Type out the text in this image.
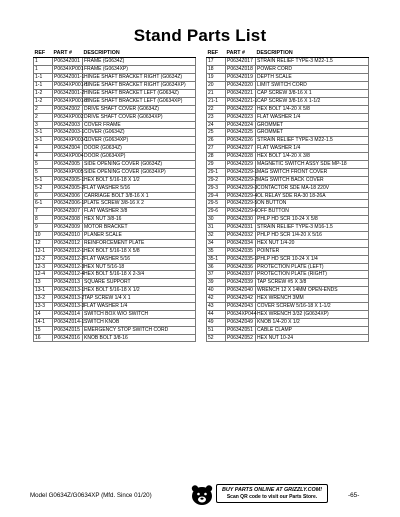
Stand Parts List
REF	PART #	DESCRIPTION
1	P0634Z001	FRAME (G0634Z)
1	P0634XP001	FRAME (G0634XP)
1-1	P0634Z001-1	HINGE SHAFT BRACKET RIGHT (G0634Z)
1-1	P0634XP001-1	HINGE SHAFT BRACKET RIGHT (G0634XP)
1-2	P0634Z001-2	HINGE SHAFT BRACKET LEFT (G0634Z)
1-2	P0634XP001-2	HINGE SHAFT BRACKET LEFT (G0634XP)
2	P0634Z002	DRIVE SHAFT COVER (G0634Z)
2	P0634XP002	DRIVE SHAFT COVER (G0634XP)
3	P0634Z003	COVER FRAME
3-1	P0634Z003-1	COVER (G0634Z)
3-1	P0634XP003-1	COVER (G0634XP)
4	P0634Z004	DOOR (G0634Z)
4	P0634XP004	DOOR (G0634XP)
5	P0634Z005	SIDE OPENING COVER (G0634Z)
5	P0634XP005	SIDE OPENING COVER (G0634XP)
5-1	P0634Z005-1	HEX BOLT 5/16-18 X 1/2
5-2	P0634Z005-2	FLAT WASHER 5/16
6	P0634Z006	CARRIAGE BOLT 3/8-16 X 1
6-1	P0634Z006-1	PLATE SCREW 3/8-16 X 2
7	P0634Z007	FLAT WASHER 3/8
8	P0634Z008	HEX NUT 3/8-16
9	P0634Z009	MOTOR BRACKET
10	P0634Z010	PLANER SCALE
12	P0634Z012	REINFORCEMENT PLATE
12-1	P0634Z012-1	HEX BOLT 5/16-18 X 5/8
12-2	P0634Z012-2	FLAT WASHER 5/16
12-3	P0634Z012-3	HEX NUT 5/16-18
12-4	P0634Z012-4	HEX BOLT 5/16-18 X 2-3/4
13	P0634Z013	SQUARE SUPPORT
13-1	P0634Z013-1	HEX BOLT 5/16-18 X 1/2
13-2	P0634Z013-2	TAP SCREW 1/4 X 1
13-3	P0634Z013-3	FLAT WASHER 1/4
14	P0634Z014	SWITCH BOX W/O SWITCH
14-1	P0634Z014-1	SWITCH KNOB
15	P0634Z015	EMERGENCY STOP SWITCH CORD
16	P0634Z016	KNOB BOLT 3/8-16
REF	PART #	DESCRIPTION
17	P0634Z017	STRAIN RELIEF TYPE-3 M22-1.5
18	P0634Z018	POWER CORD
19	P0634Z019	DEPTH SCALE
20	P0634Z020	LIMIT SWITCH CORD
21	P0634Z021	CAP SCREW 3/8-16 X 1
21-1	P0634Z021-1	CAP SCREW 3/8-16 X 1-1/2
22	P0634Z022	HEX BOLT 1/4-20 X 5/8
23	P0634Z023	FLAT WASHER 1/4
24	P0634Z024	GROMMET
25	P0634Z025	GROMMET
26	P0634Z026	STRAIN RELIEF TYPE-3 M22-1.5
27	P0634Z027	FLAT WASHER 1/4
28	P0634Z028	HEX BOLT 1/4-20 X 3/8
29	P0634Z029	MAGNETIC SWITCH ASSY SDE MP-18
29-1	P0634Z029-1	MAG SWITCH FRONT COVER
29-2	P0634Z029-2	MAG SWITCH BACK COVER
29-3	P0634Z029-3	CONTACTOR SDE MA-18 220V
29-4	P0634Z029-4	OL RELAY SDE RA-30 18-26A
29-5	P0634Z029-5	ON BUTTON
29-6	P0634Z029-6	OFF BUTTON
30	P0634Z030	PHLP HD SCR 10-24 X 5/8
31	P0634Z031	STRAIN RELIEF TYPE-3 M16-1.5
32	P0634Z032	PHLP HD SCR 1/4-20 X 5/16
34	P0634Z034	HEX NUT 1/4-20
35	P0634Z035	POINTER
35-1	P0634Z035-1	PHLP HD SCR 10-24 X 1/4
36	P0634Z036	PROTECTION PLATE (LEFT)
37	P0634Z037	PROTECTION PLATE (RIGHT)
39	P0634Z039	TAP SCREW #5 X 3/8
40	P0634Z040	WRENCH 12 X 14MM OPEN-ENDS
42	P0634Z042	HEX WRENCH 3MM
43	P0634Z043	COVER SCREW 5/16-18 X 1-1/2
44	P0634XP044	HEX WRENCH 3/32 (G0634XP)
49	P0634Z049	KNOB 1/4-20 X 1/2
51	P0634Z051	CABLE CLAMP
52	P0634Z052	HEX NUT 10-24
Model G0634Z/G0634XP (Mfd. Since 01/20)
BUY PARTS ONLINE AT GRIZZLY.COM!
Scan QR code to visit our Parts Store.	-65-
